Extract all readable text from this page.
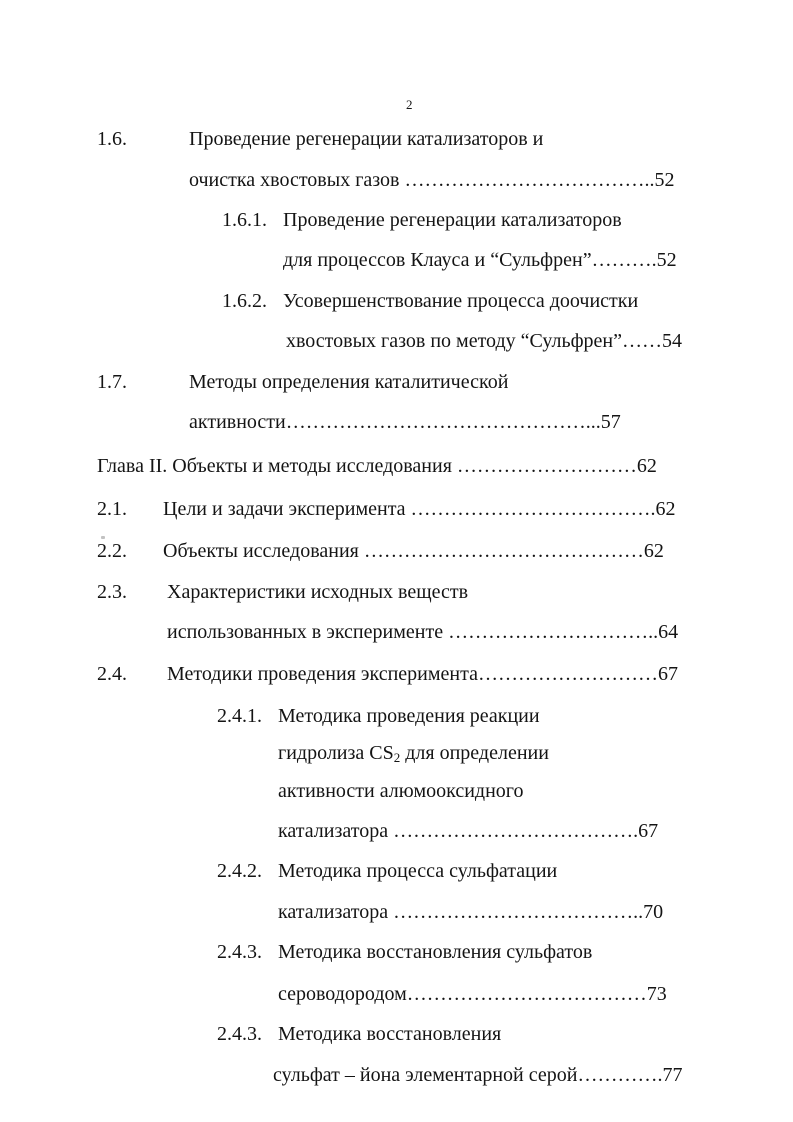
2
1.6.	Проведение регенерации катализаторов и
очистка хвостовых газов ………………………………..52
1.6.1. Проведение регенерации катализаторов
для процессов Клауса и “Сульфрен”……….52
1.6.2. Усовершенствование процесса доочистки
хвостовых газов по методу “Сульфрен”……54
1.7.	Методы определения каталитической
активности………………………………………...57
Глава II. Объекты и методы исследования ………………………62
2.1. Цели и задачи эксперимента ……………………………….62
2.2. Объекты исследования ……………………………………62
2.3. Характеристики исходных веществ
использованных в эксперименте …………………………..64
2.4. Методики проведения эксперимента………………………67
2.4.1. Методика проведения реакции
гидролиза $CS_2$ для определении
активности алюмооксидного
катализатора ……………………………….67
2.4.2. Методика процесса сульфатации
катализатора ………………………………..70
2.4.3. Методика восстановления сульфатов
сероводородом………………………………73
2.4.3. Методика восстановления
сульфат – йона элементарной серой………….77
